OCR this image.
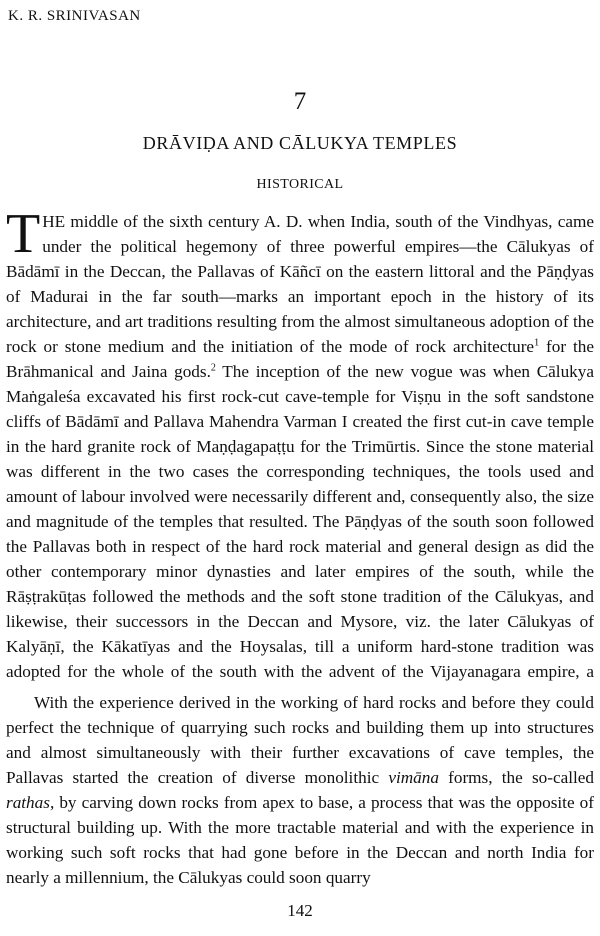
K. R. SRINIVASAN
7
DRĀVIḌA AND CĀLUKYA TEMPLES
HISTORICAL
THE middle of the sixth century A. D. when India, south of the Vindhyas, came under the political hegemony of three powerful empires—the Cālukyas of Bādāmī in the Deccan, the Pallavas of Kāñcī on the eastern littoral and the Pāṇḍyas of Madurai in the far south—marks an important epoch in the history of its architecture, and art traditions resulting from the almost simultaneous adoption of the rock or stone medium and the initiation of the mode of rock architecture$^1$ for the Brāhmanical and Jaina gods.$^2$ The inception of the new vogue was when Cālukya Maṅgaleśa excavated his first rock-cut cave-temple for Viṣṇu in the soft sandstone cliffs of Bādāmī and Pallava Mahendra Varman I created the first cut-in cave temple in the hard granite rock of Maṇḍagapaṭṭu for the Trimūrtis. Since the stone material was different in the two cases the corresponding techniques, the tools used and amount of labour involved were necessarily different and, consequently also, the size and magnitude of the temples that resulted. The Pāṇḍyas of the south soon followed the Pallavas both in respect of the hard rock material and general design as did the other contemporary minor dynasties and later empires of the south, while the Rāṣṭrakūṭas followed the methods and the soft stone tradition of the Cālukyas, and likewise, their successors in the Deccan and Mysore, viz. the later Cālukyas of Kalyāṇī, the Kākatīyas and the Hoysalas, till a uniform hard-stone tradition was adopted for the whole of the south with the advent of the Vijayanagara empire, a
With the experience derived in the working of hard rocks and before they could perfect the technique of quarrying such rocks and building them up into structures and almost simultaneously with their further excavations of cave temples, the Pallavas started the creation of diverse monolithic vimāna forms, the so-called rathas, by carving down rocks from apex to base, a process that was the opposite of structural building up. With the more tractable material and with the experience in working such soft rocks that had gone before in the Deccan and north India for nearly a millennium, the Cālukyas could soon quarry
142
